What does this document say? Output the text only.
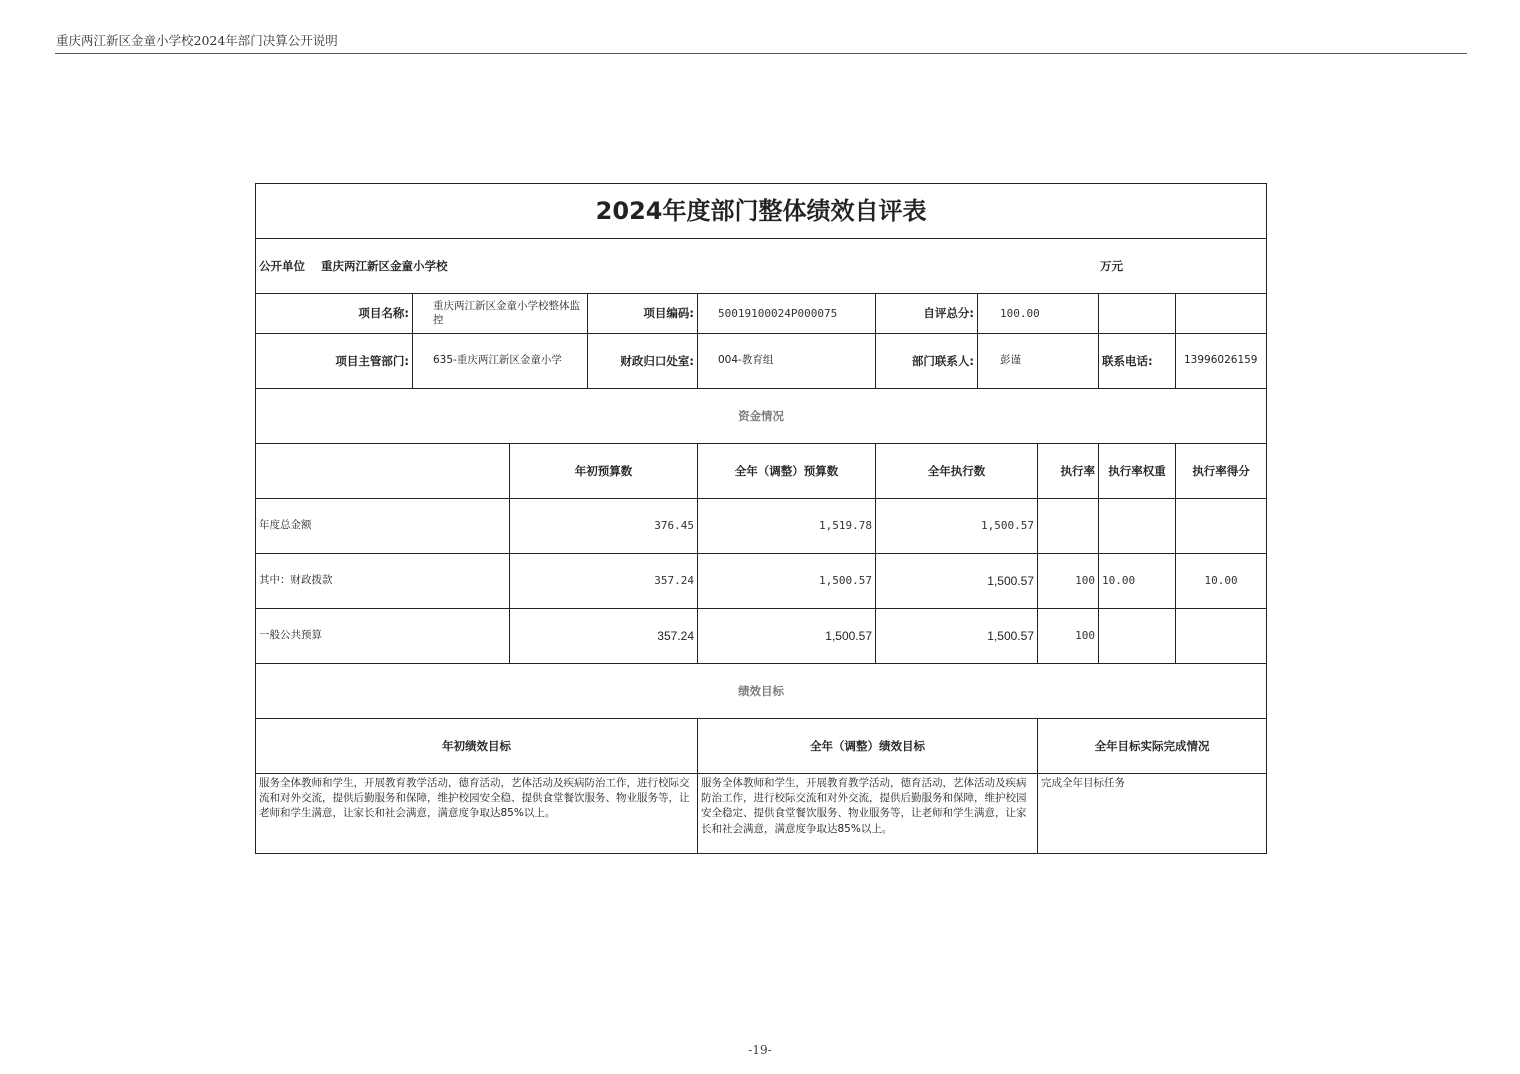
重庆两江新区金童小学校2024年部门决算公开说明
2024年度部门整体绩效自评表									
公开单位 重庆两江新区金童小学校 万元									

项目名称:	重庆两江新区金童小学校整体监控		项目编码:	50019100024P000075	自评总分:	100.00			
项目主管部门:	635-重庆两江新区金童小学		财政归口处室:	004-教育组	部门联系人:	彭谨		联系电话:	13996026159
资金情况									
		年初预算数		全年（调整）预算数	全年执行数		执行率	执行率权重	执行率得分
年度总金额		376.45		1,519.78	1,500.57				
其中：财政拨款		357.24		1,500.57	1,500.57		100	10.00	10.00
一般公共预算		357.24		1,500.57	1,500.57		100		
绩效目标									
年初绩效目标				全年（调整）绩效目标			全年目标实际完成情况		
服务全体教师和学生，开展教育教学活动，德育活动，艺体活动及疾病防治工作，进行校际交流和对外交流，提供后勤服务和保障，维护校园安全稳、提供食堂餐饮服务、物业服务等，让老师和学生满意，让家长和社会满意，满意度争取达85%以上。				服务全体教师和学生，开展教育教学活动，德育活动，艺体活动及疾病防治工作，进行校际交流和对外交流，提供后勤服务和保障，维护校园安全稳定、提供食堂餐饮服务、物业服务等，让老师和学生满意，让家长和社会满意，满意度争取达85%以上。			完成全年目标任务		
-19-
